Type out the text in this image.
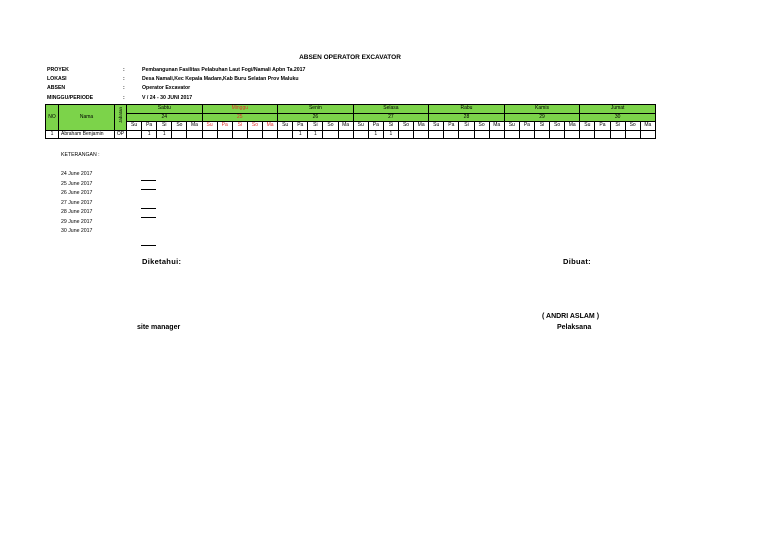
ABSEN OPERATOR EXCAVATOR
PROYEK	:	Pembangunan Fasilitas Pelabuhan Laut Fogi/Namali Apbn Ta.2017
LOKASI	:	Desa Namali,Kec Kepala Madam,Kab Buru Selatan Prov Maluku
ABSEN	:	Operator Excavator
MINGGU/PERIODE	:	V / 24 - 30 JUNI 2017
NO	Nama	Jabatan	Sabtu					Minggu					Senin					Selasa					Rabu					Kamis					Jumat				
			24					25					26					27					28					29					30				
			Su	Pa	Si	So	Ma	Su	Pa	Si	So	Ma	Su	Pa	Si	So	Ma	Su	Pa	Si	So	Ma	Su	Pa	Si	So	Ma	Su	Pa	Si	So	Ma	Su	Pa	Si	So	Ma
1	Abraham Benjamin	OP		1	1									1	1				1	1																	
KETERANGAN :
24 June 2017
25 June 2017
26 June 2017
27 June 2017
28 June 2017
29 June 2017
30 June 2017
Diketahui:	Dibuat:
( ANDRI ASLAM )
Pelaksana
site manager
